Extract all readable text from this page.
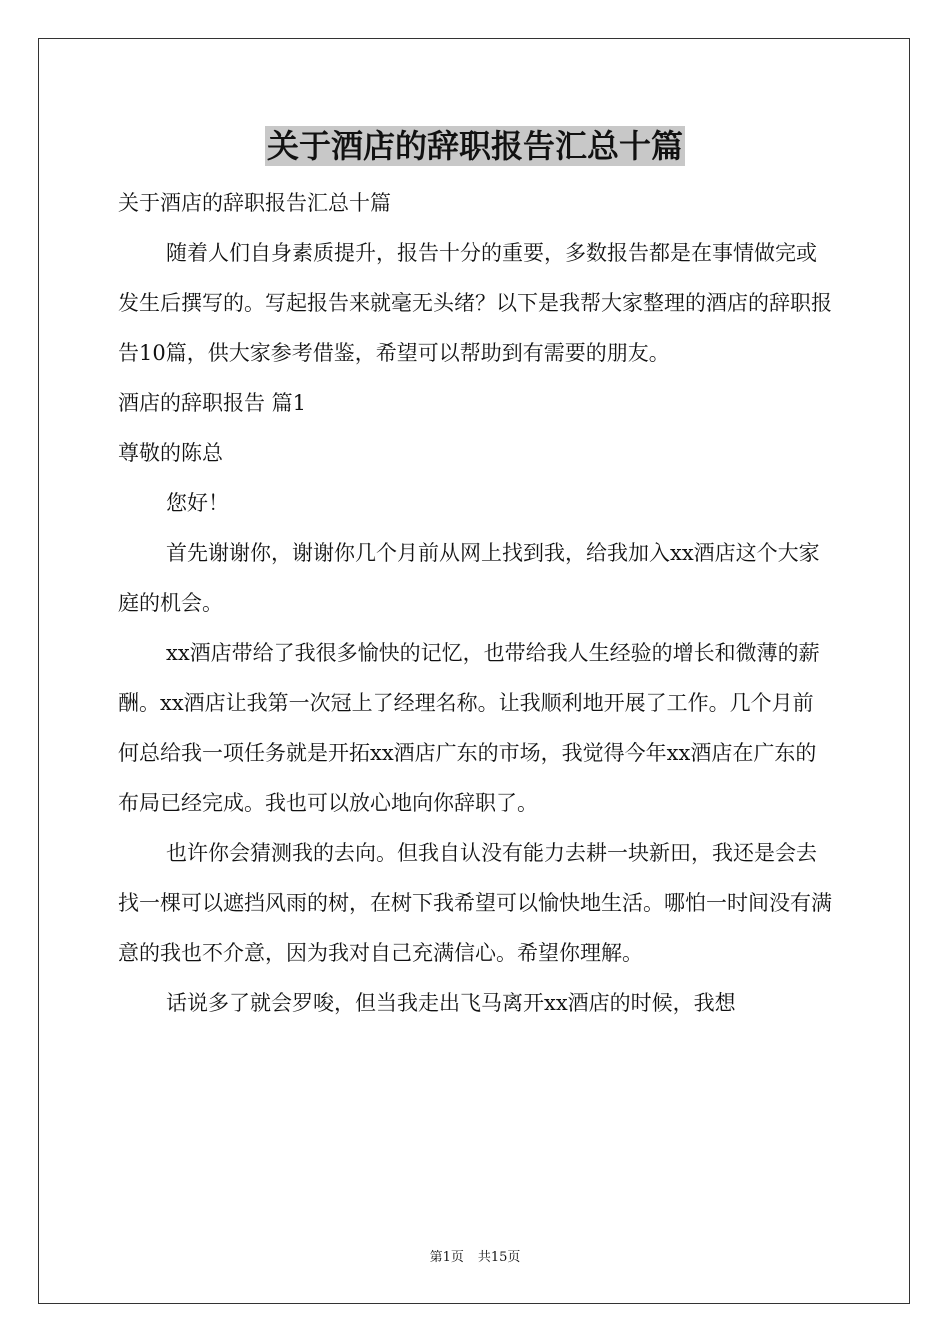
关于酒店的辞职报告汇总十篇

关于酒店的辞职报告汇总十篇

随着人们自身素质提升，报告十分的重要，多数报告都是在事情做完或发生后撰写的。写起报告来就毫无头绪？以下是我帮大家整理的酒店的辞职报告10篇，供大家参考借鉴，希望可以帮助到有需要的朋友。

酒店的辞职报告 篇1

尊敬的陈总

您好！

首先谢谢你，谢谢你几个月前从网上找到我，给我加入xx酒店这个大家庭的机会。

xx酒店带给了我很多愉快的记忆，也带给我人生经验的增长和微薄的薪酬。xx酒店让我第一次冠上了经理名称。让我顺利地开展了工作。几个月前何总给我一项任务就是开拓xx酒店广东的市场，我觉得今年xx酒店在广东的布局已经完成。我也可以放心地向你辞职了。

也许你会猜测我的去向。但我自认没有能力去耕一块新田，我还是会去找一棵可以遮挡风雨的树，在树下我希望可以愉快地生活。哪怕一时间没有满意的我也不介意，因为我对自己充满信心。希望你理解。

话说多了就会罗唆，但当我走出飞马离开xx酒店的时候，我想

第1页 共15页
